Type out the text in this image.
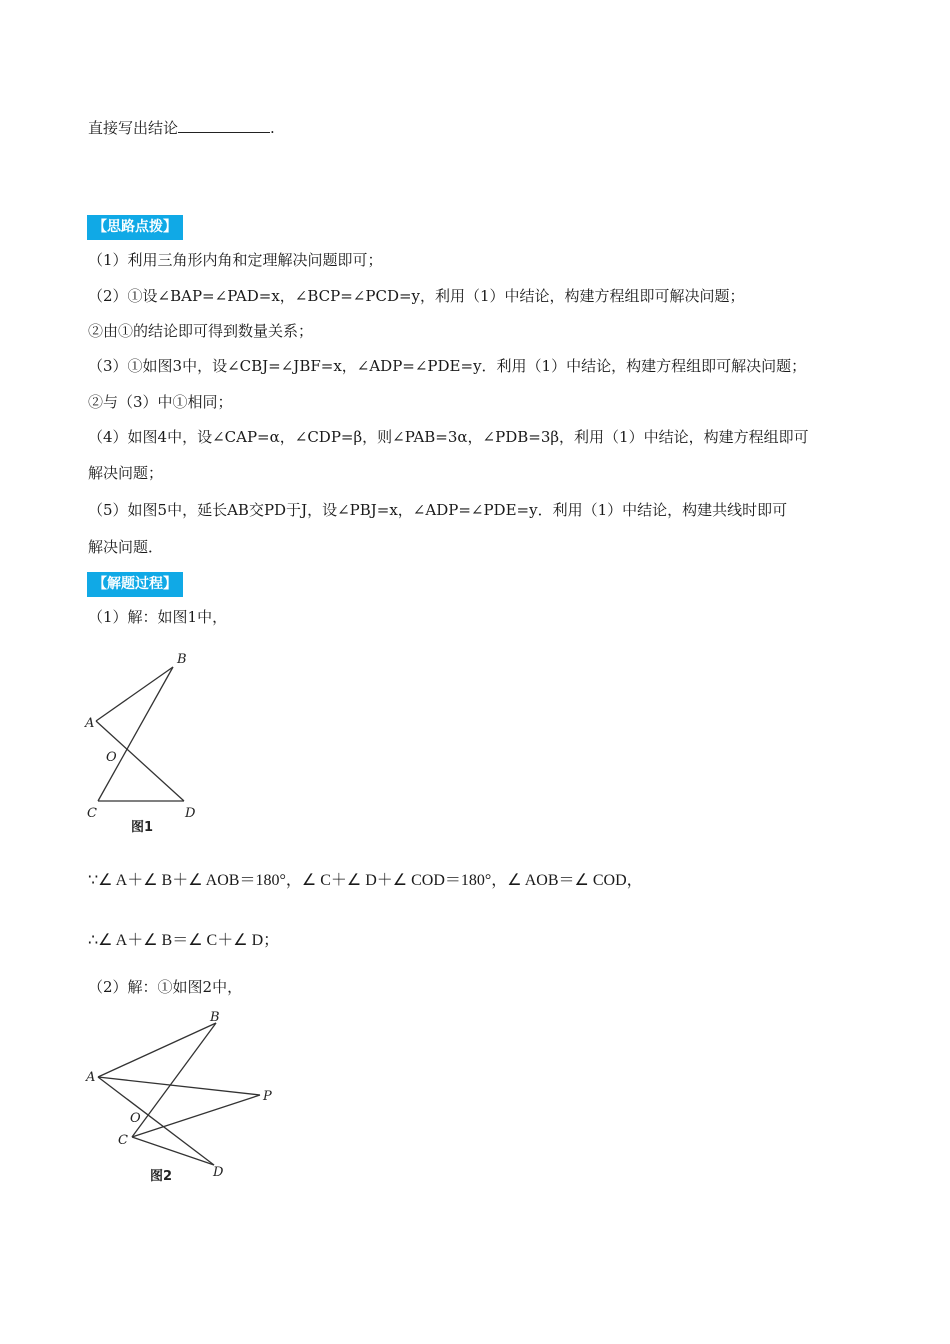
直接写出结论	.
【思路点拨】
（1）利用三角形内角和定理解决问题即可；
（2）①设∠BAP=∠PAD=x，∠BCP=∠PCD=y，利用（1）中结论，构建方程组即可解决问题；
②由①的结论即可得到数量关系；
（3）①如图3中，设∠CBJ=∠JBF=x，∠ADP=∠PDE=y．利用（1）中结论，构建方程组即可解决问题；
②与（3）中①相同；
（4）如图4中，设∠CAP=α，∠CDP=β，则∠PAB=3α，∠PDB=3β，利用（1）中结论，构建方程组即可
解决问题；
（5）如图5中，延长AB交PD于J，设∠PBJ=x，∠ADP=∠PDE=y．利用（1）中结论，构建共线时即可
解决问题．
【解题过程】
（1）解：如图1中，
B
A
O
C	D
图1
∵∠ A＋∠ B＋∠ AOB＝180°，∠ C＋∠ D＋∠ COD＝180°，∠ AOB＝∠ COD，
∴∠ A＋∠ B＝∠ C＋∠ D；
（2）解：①如图2中，
B
A
P
O
C
D
图2
